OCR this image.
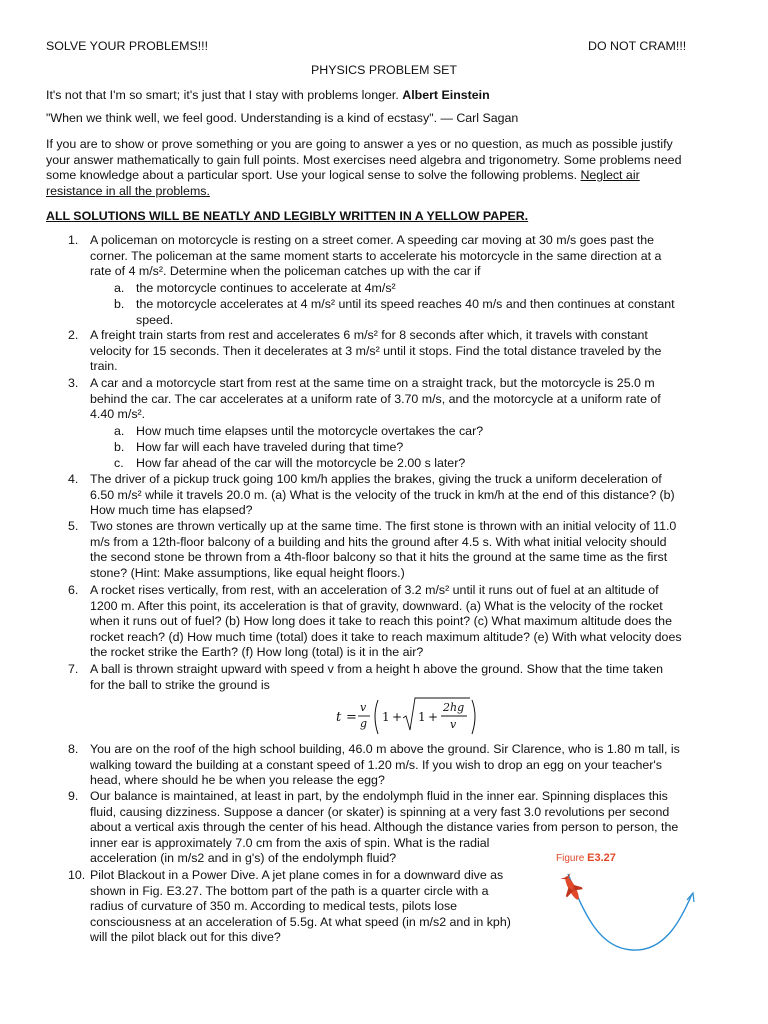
SOLVE YOUR PROBLEMS!!!	DO NOT CRAM!!!
PHYSICS PROBLEM SET
It's not that I'm so smart; it's just that I stay with problems longer. Albert Einstein
"When we think well, we feel good. Understanding is a kind of ecstasy". — Carl Sagan
If you are to show or prove something or you are going to answer a yes or no question, as much as possible justify
your answer mathematically to gain full points. Most exercises need algebra and trigonometry. Some problems need
some knowledge about a particular sport. Use your logical sense to solve the following problems. Neglect air
resistance in all the problems.
ALL SOLUTIONS WILL BE NEATLY AND LEGIBLY WRITTEN IN A YELLOW PAPER.
1. A policeman on motorcycle is resting on a street comer. A speeding car moving at 30 m/s goes past the
corner. The policeman at the same moment starts to accelerate his motorcycle in the same direction at a
rate of 4 m/s². Determine when the policeman catches up with the car if
a. the motorcycle continues to accelerate at 4m/s²
b. the motorcycle accelerates at 4 m/s² until its speed reaches 40 m/s and then continues at constant
speed.
2. A freight train starts from rest and accelerates 6 m/s² for 8 seconds after which, it travels with constant
velocity for 15 seconds. Then it decelerates at 3 m/s² until it stops. Find the total distance traveled by the
train.
3. A car and a motorcycle start from rest at the same time on a straight track, but the motorcycle is 25.0 m
behind the car. The car accelerates at a uniform rate of 3.70 m/s, and the motorcycle at a uniform rate of
4.40 m/s².
a. How much time elapses until the motorcycle overtakes the car?
b. How far will each have traveled during that time?
c. How far ahead of the car will the motorcycle be 2.00 s later?
4. The driver of a pickup truck going 100 km/h applies the brakes, giving the truck a uniform deceleration of
6.50 m/s² while it travels 20.0 m. (a) What is the velocity of the truck in km/h at the end of this distance? (b)
How much time has elapsed?
5. Two stones are thrown vertically up at the same time. The first stone is thrown with an initial velocity of 11.0
m/s from a 12th-floor balcony of a building and hits the ground after 4.5 s. With what initial velocity should
the second stone be thrown from a 4th-floor balcony so that it hits the ground at the same time as the first
stone? (Hint: Make assumptions, like equal height floors.)
6. A rocket rises vertically, from rest, with an acceleration of 3.2 m/s² until it runs out of fuel at an altitude of
1200 m. After this point, its acceleration is that of gravity, downward. (a) What is the velocity of the rocket
when it runs out of fuel? (b) How long does it take to reach this point? (c) What maximum altitude does the
rocket reach? (d) How much time (total) does it take to reach maximum altitude? (e) With what velocity does
the rocket strike the Earth? (f) How long (total) is it in the air?
7. A ball is thrown straight upward with speed v from a height h above the ground. Show that the time taken
for the ball to strike the ground is
t =
v
g 1 + 1 +
2hg
v
8. You are on the roof of the high school building, 46.0 m above the ground. Sir Clarence, who is 1.80 m tall, is
walking toward the building at a constant speed of 1.20 m/s. If you wish to drop an egg on your teacher's
head, where should he be when you release the egg?
9. Our balance is maintained, at least in part, by the endolymph fluid in the inner ear. Spinning displaces this
fluid, causing dizziness. Suppose a dancer (or skater) is spinning at a very fast 3.0 revolutions per second
about a vertical axis through the center of his head. Although the distance varies from person to person, the
inner ear is approximately 7.0 cm from the axis of spin. What is the radial
acceleration (in m/s2 and in g's) of the endolymph fluid?
10. Pilot Blackout in a Power Dive. A jet plane comes in for a downward dive as
shown in Fig. E3.27. The bottom part of the path is a quarter circle with a
radius of curvature of 350 m. According to medical tests, pilots lose
consciousness at an acceleration of 5.5g. At what speed (in m/s2 and in kph)
will the pilot black out for this dive?
Figure E3.27
